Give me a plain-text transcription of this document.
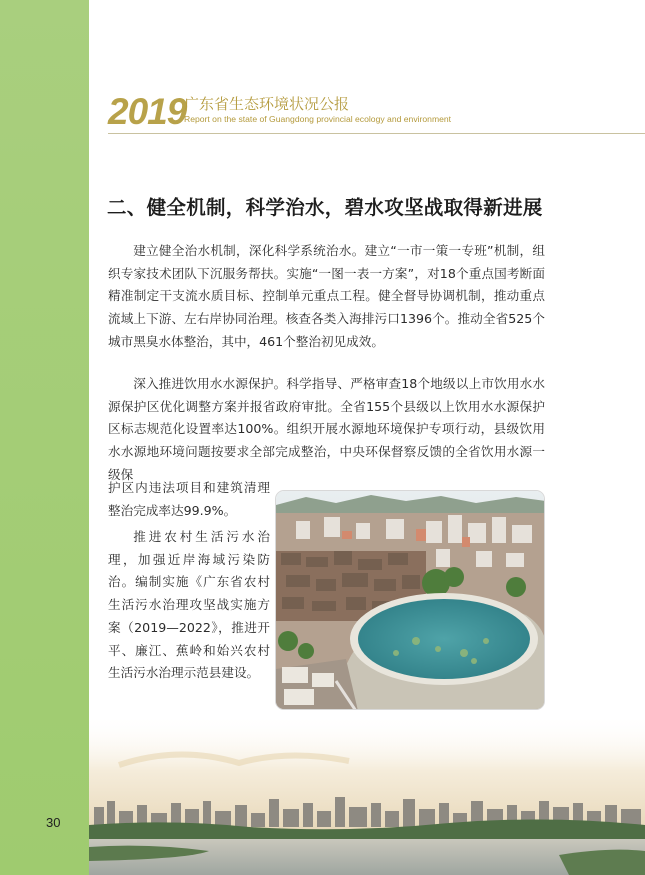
30
2019
广东省生态环境状况公报
Report on the state of Guangdong provincial ecology and environment
二、健全机制，科学治水，碧水攻坚战取得新进展
建立健全治水机制，深化科学系统治水。建立“一市一策一专班”机制，组织专家技术团队下沉服务帮扶。实施“一图一表一方案”，对18个重点国考断面精准制定干支流水质目标、控制单元重点工程。健全督导协调机制，推动重点流域上下游、左右岸协同治理。核查各类入海排污口1396个。推动全省525个城市黑臭水体整治，其中，461个整治初见成效。
深入推进饮用水水源保护。科学指导、严格审查18个地级以上市饮用水水源保护区优化调整方案并报省政府审批。全省155个县级以上饮用水水源保护区标志规范化设置率达100%。组织开展水源地环境保护专项行动，县级饮用水水源地环境问题按要求全部完成整治，中央环保督察反馈的全省饮用水源一级保
护区内违法项目和建筑清理整治完成率达99.9%。
推进农村生活污水治理，加强近岸海域污染防治。编制实施《广东省农村生活污水治理攻坚战实施方案（2019—2022》，推进开平、廉江、蕉岭和始兴农村生活污水治理示范县建设。
